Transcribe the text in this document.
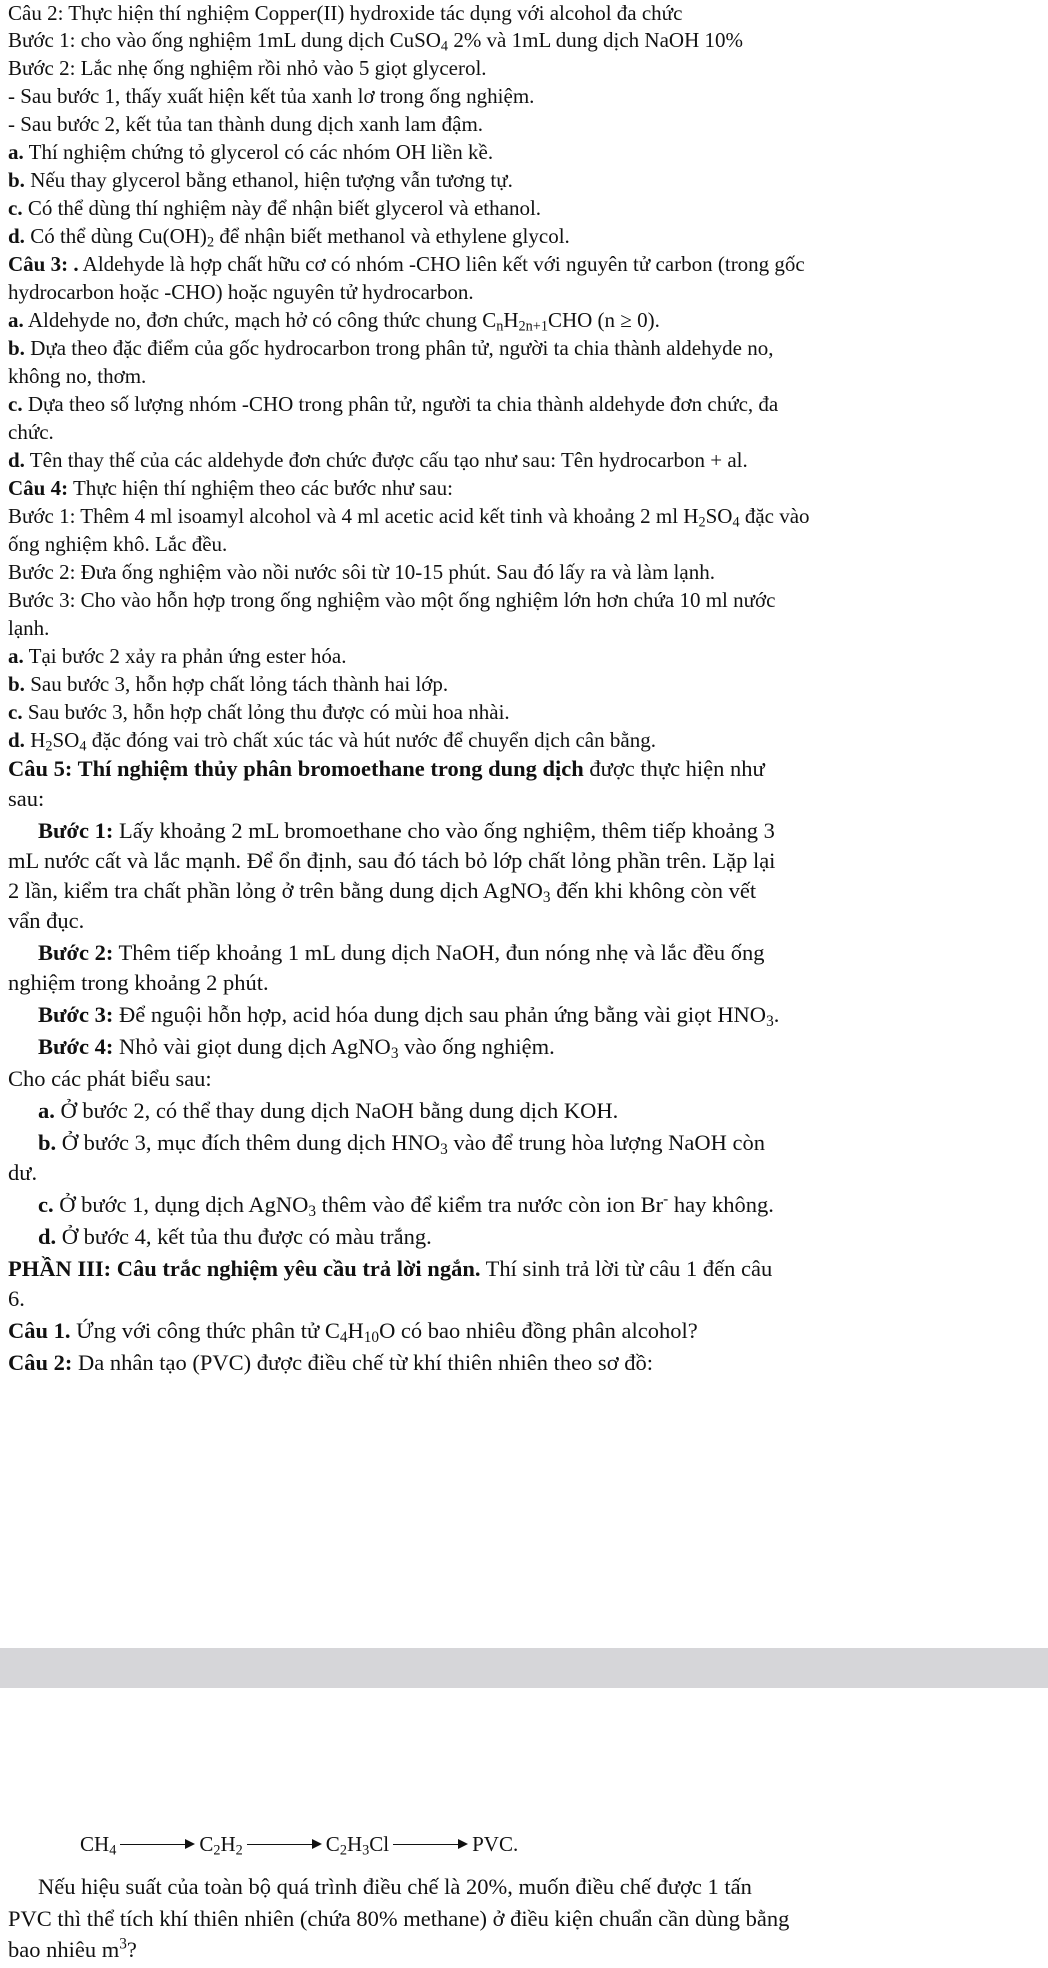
Câu 2: Thực hiện thí nghiệm Copper(II) hydroxide tác dụng với alcohol đa chức
Bước 1: cho vào ống nghiệm 1mL dung dịch CuSO$_4$ 2% và 1mL dung dịch NaOH 10%
Bước 2: Lắc nhẹ ống nghiệm rồi nhỏ vào 5 giọt glycerol.
- Sau bước 1, thấy xuất hiện kết tủa xanh lơ trong ống nghiệm.
- Sau bước 2, kết tủa tan thành dung dịch xanh lam đậm.
a. Thí nghiệm chứng tỏ glycerol có các nhóm OH liền kề.
b. Nếu thay glycerol bằng ethanol, hiện tượng vẫn tương tự.
c. Có thể dùng thí nghiệm này để nhận biết glycerol và ethanol.
d. Có thể dùng $Cu(OH)_2$ để nhận biết methanol và ethylene glycol.
Câu 3: . Aldehyde là hợp chất hữu cơ có nhóm -CHO liên kết với nguyên tử carbon (trong gốc
hydrocarbon hoặc -CHO) hoặc nguyên tử hydrocarbon.
a. Aldehyde no, đơn chức, mạch hở có công thức chung $C_nH_{2n+1}CHO$ (n ≥ 0).
b. Dựa theo đặc điểm của gốc hydrocarbon trong phân tử, người ta chia thành aldehyde no,
không no, thơm.
c. Dựa theo số lượng nhóm -CHO trong phân tử, người ta chia thành aldehyde đơn chức, đa
chức.
d. Tên thay thế của các aldehyde đơn chức được cấu tạo như sau: Tên hydrocarbon + al.
Câu 4: Thực hiện thí nghiệm theo các bước như sau:
Bước 1: Thêm 4 ml isoamyl alcohol và 4 ml acetic acid kết tinh và khoảng 2 ml $H_2SO_4$ đặc vào
ống nghiệm khô. Lắc đều.
Bước 2: Đưa ống nghiệm vào nồi nước sôi từ 10-15 phút. Sau đó lấy ra và làm lạnh.
Bước 3: Cho vào hỗn hợp trong ống nghiệm vào một ống nghiệm lớn hơn chứa 10 ml nước
lạnh.
a. Tại bước 2 xảy ra phản ứng ester hóa.
b. Sau bước 3, hỗn hợp chất lỏng tách thành hai lớp.
c. Sau bước 3, hỗn hợp chất lỏng thu được có mùi hoa nhài.
d. $H_2SO_4$ đặc đóng vai trò chất xúc tác và hút nước để chuyển dịch cân bằng.
Câu 5: Thí nghiệm thủy phân bromoethane trong dung dịch được thực hiện như
sau:
Bước 1: Lấy khoảng 2 mL bromoethane cho vào ống nghiệm, thêm tiếp khoảng 3
mL nước cất và lắc mạnh. Để ổn định, sau đó tách bỏ lớp chất lỏng phần trên. Lặp lại
2 lần, kiểm tra chất phần lỏng ở trên bằng dung dịch AgNO$_3$ đến khi không còn vết
vẩn đục.
Bước 2: Thêm tiếp khoảng 1 mL dung dịch NaOH, đun nóng nhẹ và lắc đều ống
nghiệm trong khoảng 2 phút.
Bước 3: Để nguội hỗn hợp, acid hóa dung dịch sau phản ứng bằng vài giọt $HNO_3$.
Bước 4: Nhỏ vài giọt dung dịch AgNO$_3$ vào ống nghiệm.
Cho các phát biểu sau:
a. Ở bước 2, có thể thay dung dịch NaOH bằng dung dịch KOH.
b. Ở bước 3, mục đích thêm dung dịch $HNO_3$ vào để trung hòa lượng NaOH còn
dư.
c. Ở bước 1, dụng dịch AgNO$_3$ thêm vào để kiểm tra nước còn ion Br- hay không.
d. Ở bước 4, kết tủa thu được có màu trắng.
PHẦN III: Câu trắc nghiệm yêu cầu trả lời ngắn. Thí sinh trả lời từ câu 1 đến câu
6.
Câu 1. Ứng với công thức phân tử $C_4H_{10}O$ có bao nhiêu đồng phân alcohol?
Câu 2: Da nhân tạo (PVC) được điều chế từ khí thiên nhiên theo sơ đồ:
$CH_4$	$C_2H_2$	$C_2H_3Cl$	PVC.
Nếu hiệu suất của toàn bộ quá trình điều chế là 20%, muốn điều chế được 1 tấn
PVC thì thể tích khí thiên nhiên (chứa 80% methane) ở điều kiện chuẩn cần dùng bằng
bao nhiêu $m^3$?
